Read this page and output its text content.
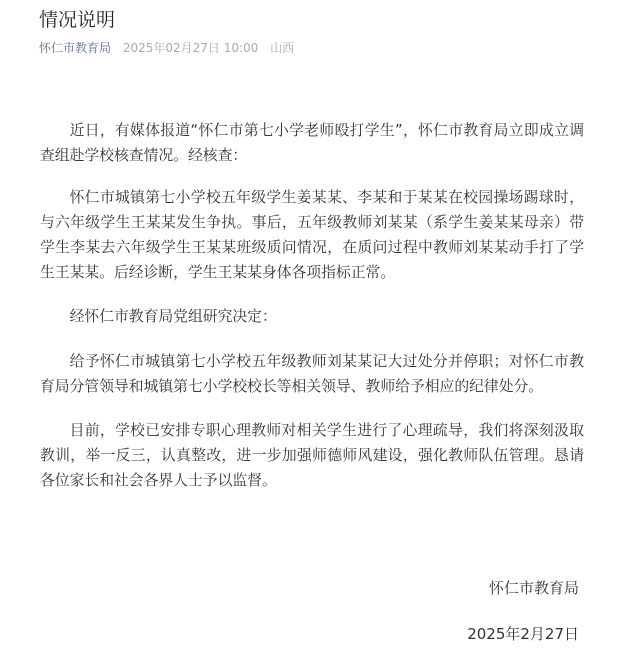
情况说明
怀仁市教育局 2025年02月27日 10:00 山西

近日，有媒体报道“怀仁市第七小学老师殴打学生”，怀仁市教育局立即成立调查组赴学校核查情况。经核查：

怀仁市城镇第七小学校五年级学生姜某某、李某和于某某在校园操场踢球时，与六年级学生王某某发生争执。事后，五年级教师刘某某（系学生姜某某母亲）带学生李某去六年级学生王某某班级质问情况，在质问过程中教师刘某某动手打了学生王某某。后经诊断，学生王某某身体各项指标正常。

经怀仁市教育局党组研究决定：

给予怀仁市城镇第七小学校五年级教师刘某某记大过处分并停职；对怀仁市教育局分管领导和城镇第七小学校校长等相关领导、教师给予相应的纪律处分。

目前，学校已安排专职心理教师对相关学生进行了心理疏导，我们将深刻汲取教训，举一反三，认真整改，进一步加强师德师风建设，强化教师队伍管理。恳请各位家长和社会各界人士予以监督。

怀仁市教育局
2025年2月27日
